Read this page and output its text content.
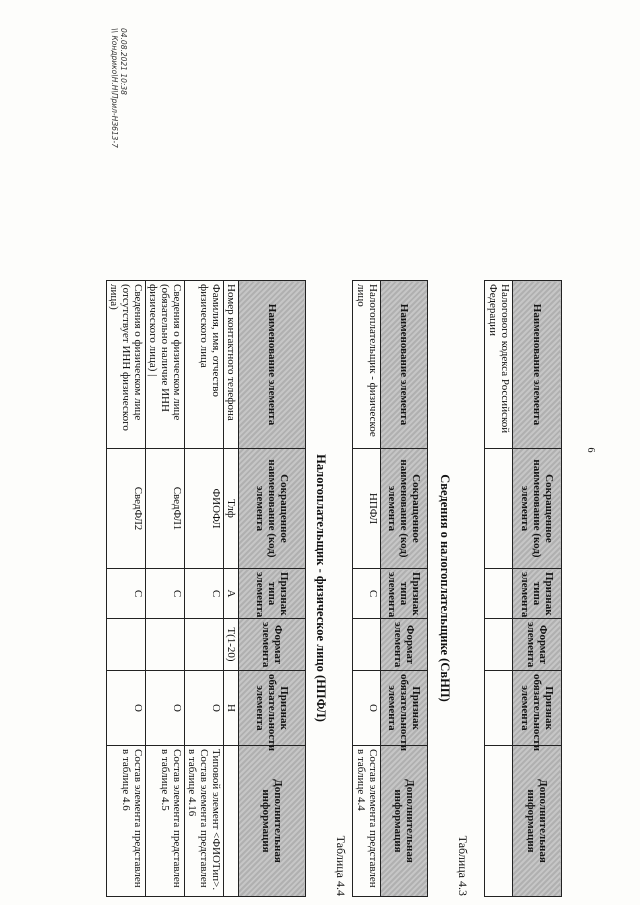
6
Наименование элемента	Сокращенное наименование (код) элемента	Признак типа элемента	Формат элемента	Признак обязательности элемента	Дополнительная информация
Налогового кодекса Российской Федерации					
Таблица 4.3
Сведения о налогоплательщике (СвНП)
Наименование элемента	Сокращенное наименование (код) элемента	Признак типа элемента	Формат элемента	Признак обязательности элемента	Дополнительная информация
Налогоплательщик - физическое лицо	НПФЛ	С		О	Состав элемента представлен в таблице 4.4
Таблица 4.4
Налогоплательщик - физическое лицо (НПФЛ)
Наименование элемента	Сокращенное наименование (код) элемента	Признак типа элемента	Формат элемента	Признак обязательности элемента	Дополнительная информация
Номер контактного телефона	Тлф	А	T(1-20)	Н	
Фамилия, имя, отчество физического лица	ФИОФЛ	С		О	Типовой элемент <ФИОТип>. Состав элемента представлен в таблице 4.16
Сведения о физическом лице (обязательно наличие ИНН физического лица) |	СведФЛ1	С		О	Состав элемента представлен в таблице 4.5
Сведения о физическом лице (отсутствует ИНН физического лица)	СведФЛ2	С		О	Состав элемента представлен в таблице 4.6
04.08.2021 10:38
\\ Кондрико\Н.Н\Прил-НЗ613-7
